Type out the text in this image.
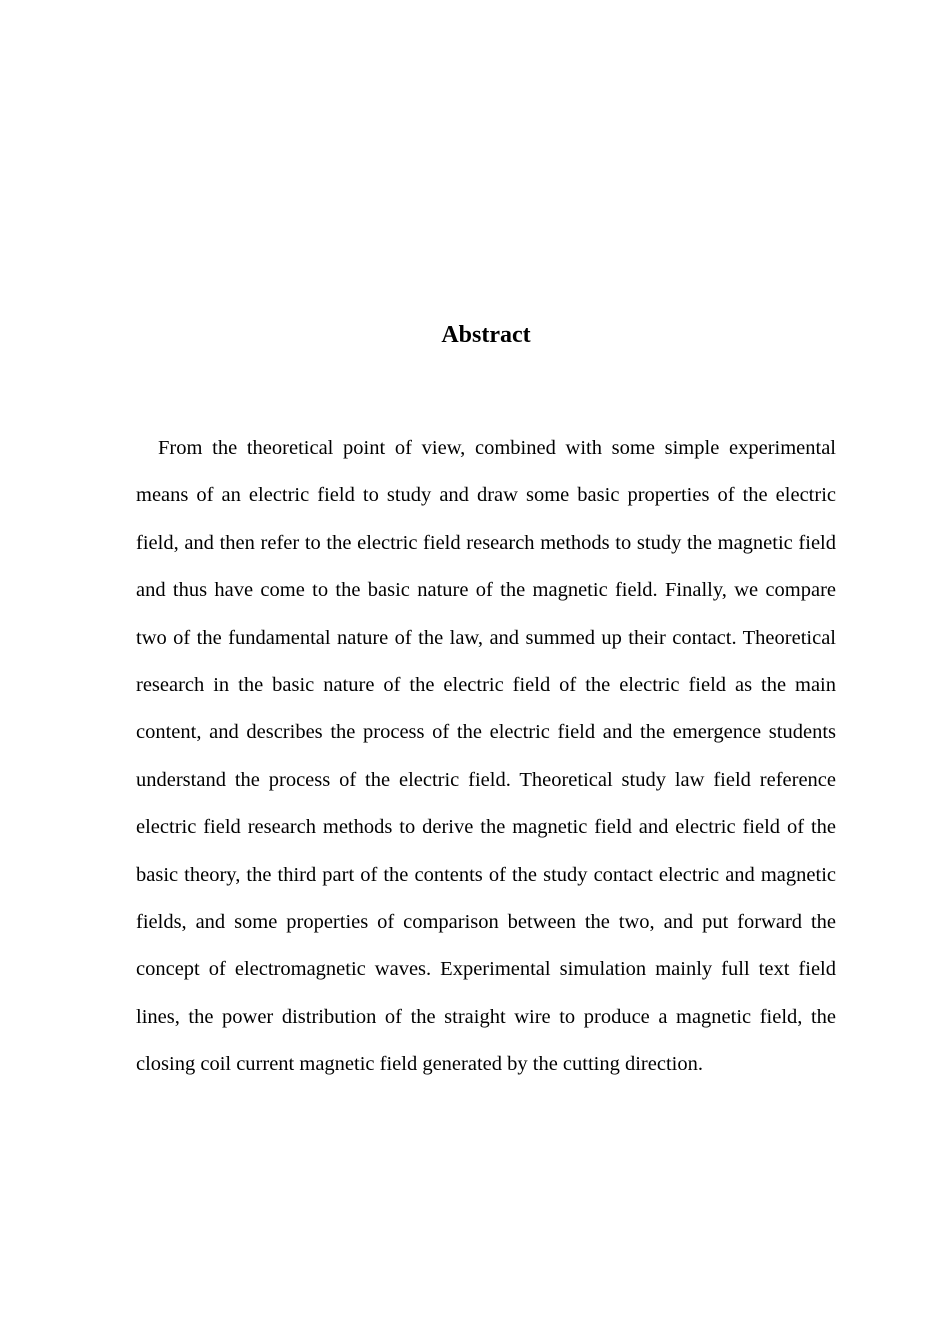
Abstract

From the theoretical point of view, combined with some simple experimental means of an electric field to study and draw some basic properties of the electric field, and then refer to the electric field research methods to study the magnetic field and thus have come to the basic nature of the magnetic field. Finally, we compare two of the fundamental nature of the law, and summed up their contact. Theoretical research in the basic nature of the electric field of the electric field as the main content, and describes the process of the electric field and the emergence students understand the process of the electric field. Theoretical study law field reference electric field research methods to derive the magnetic field and electric field of the basic theory, the third part of the contents of the study contact electric and magnetic fields, and some properties of comparison between the two, and put forward the concept of electromagnetic waves. Experimental simulation mainly full text field lines, the power distribution of the straight wire to produce a magnetic field, the closing coil current magnetic field generated by the cutting direction.
